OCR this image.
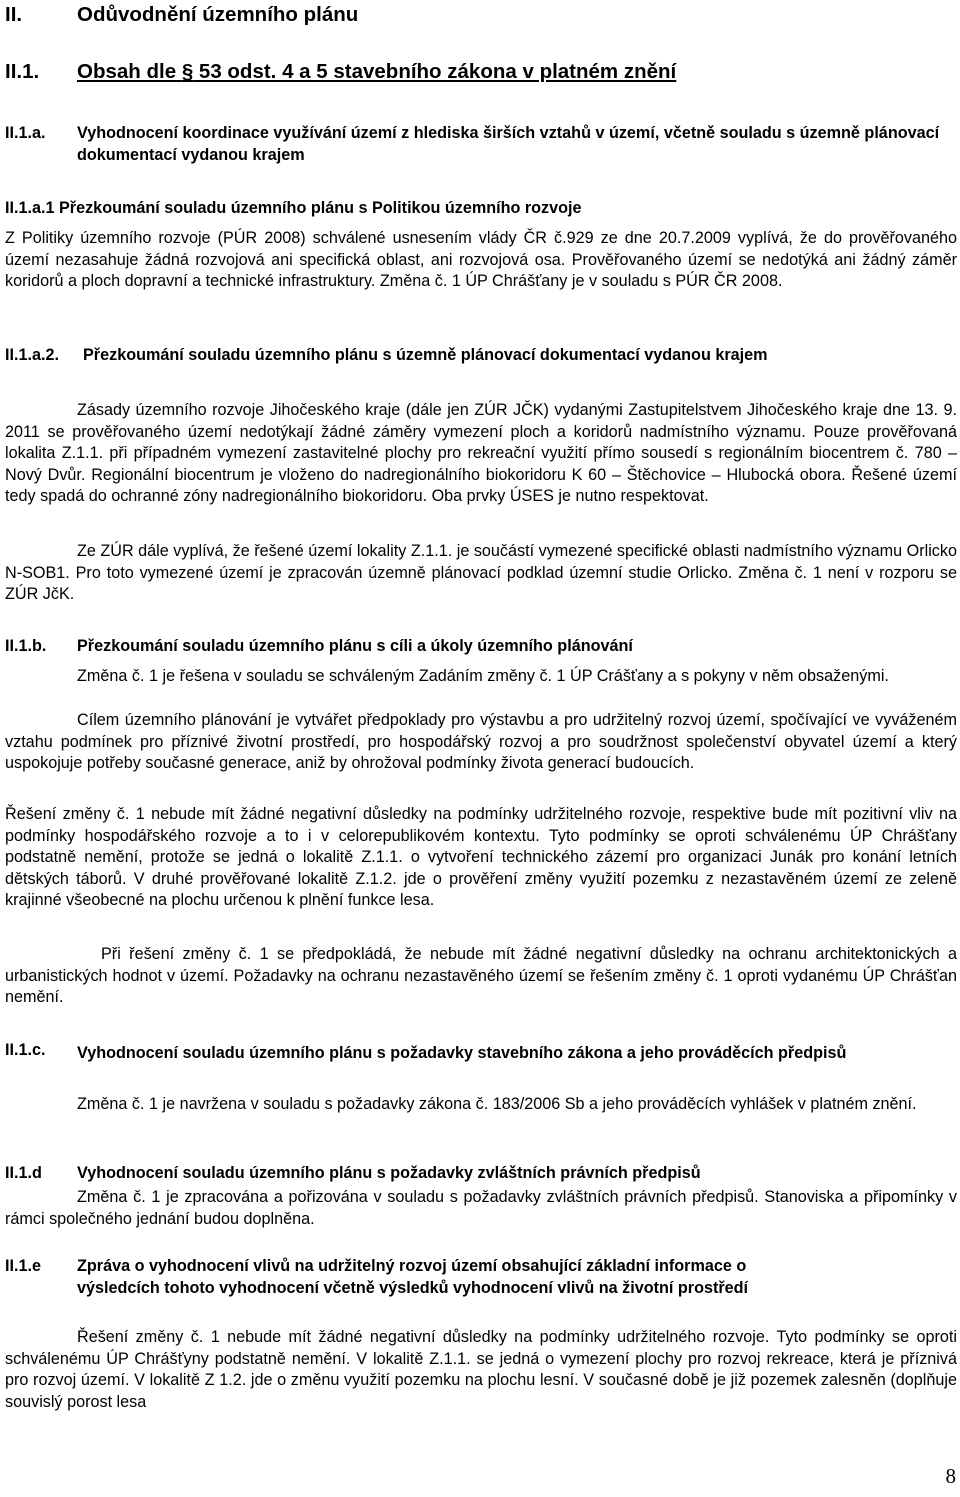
II.	Odůvodnění územního plánu
II.1. Obsah dle § 53 odst. 4 a 5 stavebního zákona v platném znění
II.1.a. Vyhodnocení koordinace využívání území z hlediska širších vztahů v území, včetně souladu s územně plánovací dokumentací vydanou krajem
II.1.a.1 Přezkoumání souladu územního plánu s Politikou územního rozvoje
Z Politiky územního rozvoje (PÚR 2008) schválené usnesením vlády ČR č.929 ze dne 20.7.2009 vyplívá, že do prověřovaného území nezasahuje žádná rozvojová ani specifická oblast, ani rozvojová osa. Prověřovaného území se nedotýká ani žádný záměr koridorů a ploch dopravní a technické infrastruktury. Změna č. 1 ÚP Chrášťany je v souladu s PÚR ČR 2008.
II.1.a.2. Přezkoumání souladu územního plánu s územně plánovací dokumentací vydanou krajem
Zásady územního rozvoje Jihočeského kraje (dále jen ZÚR JČK) vydanými Zastupitelstvem Jihočeského kraje dne 13. 9. 2011 se prověřovaného území nedotýkají žádné záměry vymezení ploch a koridorů nadmístního významu. Pouze prověřovaná lokalita Z.1.1. při případném vymezení zastavitelné plochy pro rekreační využití přímo sousedí s regionálním biocentrem č. 780 – Nový Dvůr. Regionální biocentrum je vloženo do nadregionálního biokoridoru K 60 – Štěchovice – Hlubocká obora. Řešené území tedy spadá do ochranné zóny nadregionálního biokoridoru. Oba prvky ÚSES je nutno respektovat.
Ze ZÚR dále vyplívá, že řešené území lokality Z.1.1. je součástí vymezené specifické oblasti nadmístního významu Orlicko N-SOB1. Pro toto vymezené území je zpracován územně plánovací podklad územní studie Orlicko. Změna č. 1 není v rozporu se ZÚR JčK.
II.1.b. Přezkoumání souladu územního plánu s cíli a úkoly územního plánování
Změna č. 1 je řešena v souladu se schváleným Zadáním změny č. 1 ÚP Crášťany a s pokyny v něm obsaženými.
Cílem územního plánování je vytvářet předpoklady pro výstavbu a pro udržitelný rozvoj území, spočívající ve vyváženém vztahu podmínek pro příznivé životní prostředí, pro hospodářský rozvoj a pro soudržnost společenství obyvatel území a který uspokojuje potřeby současné generace, aniž by ohrožoval podmínky života generací budoucích.
Řešení změny č. 1 nebude mít žádné negativní důsledky na podmínky udržitelného rozvoje, respektive bude mít pozitivní vliv na podmínky hospodářského rozvoje a to i v celorepublikovém kontextu. Tyto podmínky se oproti schválenému ÚP Chrášťany podstatně nemění, protože se jedná o lokalitě Z.1.1. o vytvoření technického zázemí pro organizaci Junák pro konání letních dětských táborů. V druhé prověřované lokalitě Z.1.2. jde o prověření změny využití pozemku z nezastavěném území ze zeleně krajinné všeobecné na plochu určenou k plnění funkce lesa.
Při řešení změny č. 1 se předpokládá, že nebude mít žádné negativní důsledky na ochranu architektonických a urbanistických hodnot v území. Požadavky na ochranu nezastavěného území se řešením změny č. 1 oproti vydanému ÚP Chrášťan nemění.
II.1.c. Vyhodnocení souladu územního plánu s požadavky stavebního zákona a jeho prováděcích předpisů
Změna č. 1 je navržena v souladu s požadavky zákona č. 183/2006 Sb a jeho prováděcích vyhlášek v platném znění.
II.1.d Vyhodnocení souladu územního plánu s požadavky zvláštních právních předpisů
Změna č. 1 je zpracována a pořizována v souladu s požadavky zvláštních právních předpisů. Stanoviska a připomínky v rámci společného jednání budou doplněna.
II.1.e Zpráva o vyhodnocení vlivů na udržitelný rozvoj území obsahující základní informace o výsledcích tohoto vyhodnocení včetně výsledků vyhodnocení vlivů na životní prostředí
Řešení změny č. 1 nebude mít žádné negativní důsledky na podmínky udržitelného rozvoje. Tyto podmínky se oproti schválenému ÚP Chrášťyny podstatně nemění. V lokalitě Z.1.1. se jedná o vymezení plochy pro rozvoj rekreace, která je příznivá pro rozvoj území. V lokalitě Z 1.2. jde o změnu využití pozemku na plochu lesní. V současné době je již pozemek zalesněn (doplňuje souvislý porost lesa
8
